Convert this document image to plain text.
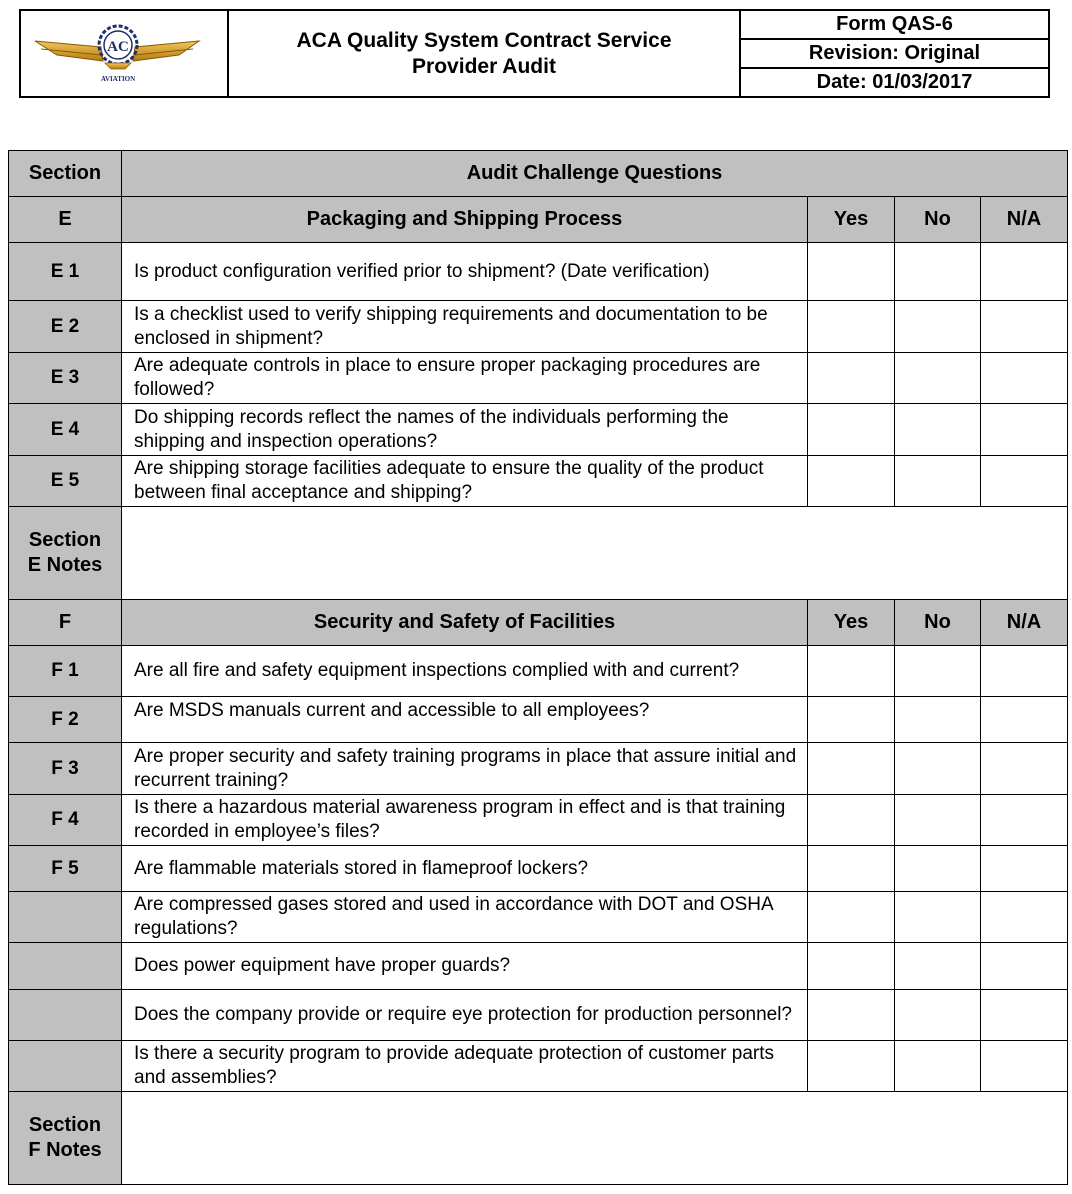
AC
AVIATION
ACA Quality System Contract Service
Provider Audit
Form QAS-6
Revision: Original
Date: 01/03/2017
Section	Audit Challenge Questions			
E	Packaging and Shipping Process	Yes	No	N/A
E 1	Is product configuration verified prior to shipment? (Date verification)			
E 2	Is a checklist used to verify shipping requirements and documentation to be enclosed in shipment?			
E 3	Are adequate controls in place to ensure proper packaging procedures are followed?			
E 4	Do shipping records reflect the names of the individuals performing the shipping and inspection operations?			
E 5	Are shipping storage facilities adequate to ensure the quality of the product between final acceptance and shipping?			
Section
E Notes				
F	Security and Safety of Facilities	Yes	No	N/A
F 1	Are all fire and safety equipment inspections complied with and current?			
F 2	Are MSDS manuals current and accessible to all employees?			
F 3	Are proper security and safety training programs in place that assure initial and recurrent training?			
F 4	Is there a hazardous material awareness program in effect and is that training recorded in employee’s files?			
F 5	Are flammable materials stored in flameproof lockers?			
	Are compressed gases stored and used in accordance with DOT and OSHA regulations?			
	Does power equipment have proper guards?			
	Does the company provide or require eye protection for production personnel?			
	Is there a security program to provide adequate protection of customer parts and assemblies?			
Section
F Notes				
